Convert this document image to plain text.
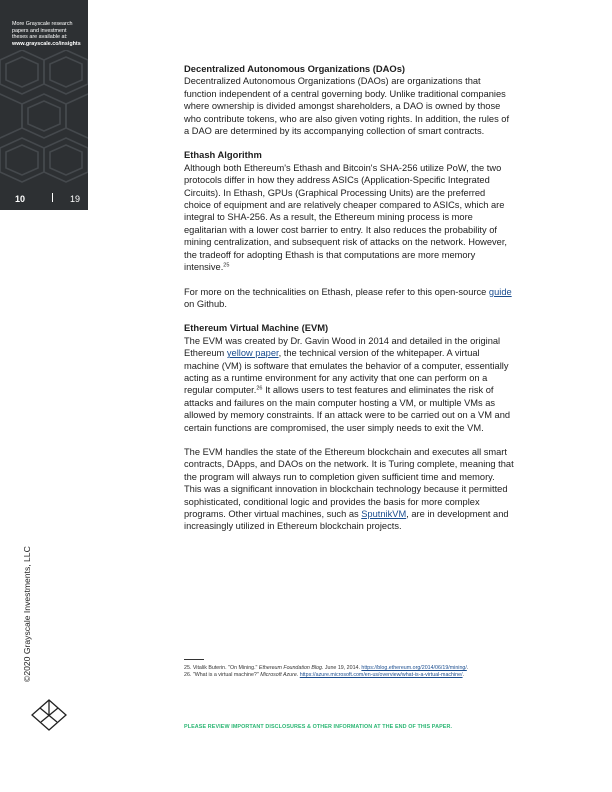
More Grayscale research
papers and investment
theses are available at:

www.grayscale.co/insights
10	19
©2020 Grayscale Investments, LLC
Decentralized Autonomous Organizations (DAOs)

Decentralized Autonomous Organizations (DAOs) are organizations that function independent of a central governing body. Unlike traditional companies where ownership is divided amongst shareholders, a DAO is owned by those who contribute tokens, who are also given voting rights. In addition, the rules of a DAO are determined by its accompanying collection of smart contracts.

Ethash Algorithm

Although both Ethereum's Ethash and Bitcoin's SHA-256 utilize PoW, the two protocols differ in how they address ASICs (Application-Specific Integrated Circuits). In Ethash, GPUs (Graphical Processing Units) are the preferred choice of equipment and are relatively cheaper compared to ASICs, which are integral to SHA-256. As a result, the Ethereum mining process is more egalitarian with a lower cost barrier to entry. It also reduces the probability of mining centralization, and subsequent risk of attacks on the network. However, the tradeoff for adopting Ethash is that computations are more memory intensive.$^{25}$

For more on the technicalities on Ethash, please refer to this open-source guide on Github.

Ethereum Virtual Machine (EVM)

The EVM was created by Dr. Gavin Wood in 2014 and detailed in the original Ethereum yellow paper, the technical version of the whitepaper. A virtual machine (VM) is software that emulates the behavior of a computer, essentially acting as a runtime environment for any activity that one can perform on a regular computer.$^{26}$ It allows users to test features and eliminates the risk of attacks and failures on the main computer hosting a VM, or multiple VMs as allowed by memory constraints. If an attack were to be carried out on a VM and certain functions are compromised, the user simply needs to exit the VM.

The EVM handles the state of the Ethereum blockchain and executes all smart contracts, DApps, and DAOs on the network. It is Turing complete, meaning that the program will always run to completion given sufficient time and memory. This was a significant innovation in blockchain technology because it permitted sophisticated, conditional logic and provides the basis for more complex programs. Other virtual machines, such as SputnikVM, are in development and increasingly utilized in Ethereum blockchain projects.

25. Vitalik Buterin. "On Mining." Ethereum Foundation Blog. June 19, 2014. https://blog.ethereum.org/2014/06/19/mining/.
26. "What is a virtual machine?" Microsoft Azure. https://azure.microsoft.com/en-us/overview/what-is-a-virtual-machine/.
PLEASE REVIEW IMPORTANT DISCLOSURES & OTHER INFORMATION AT THE END OF THIS PAPER.
